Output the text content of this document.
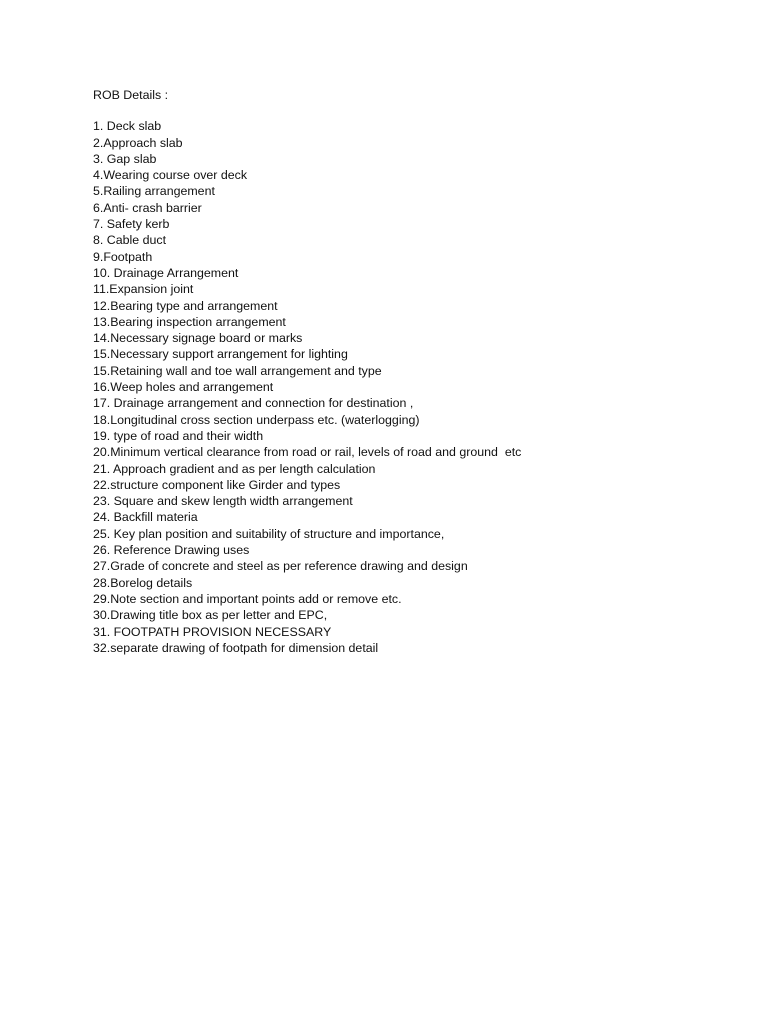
ROB Details :
1. Deck slab
2.Approach slab
3. Gap slab
4.Wearing course over deck
5.Railing arrangement
6.Anti- crash barrier
7. Safety kerb
8. Cable duct
9.Footpath
10. Drainage Arrangement
11.Expansion joint
12.Bearing type and arrangement
13.Bearing inspection arrangement
14.Necessary signage board or marks
15.Necessary support arrangement for lighting
15.Retaining wall and toe wall arrangement and type
16.Weep holes and arrangement
17. Drainage arrangement and connection for destination ,
18.Longitudinal cross section underpass etc. (waterlogging)
19. type of road and their width
20.Minimum vertical clearance from road or rail, levels of road and ground  etc
21. Approach gradient and as per length calculation
22.structure component like Girder and types
23. Square and skew length width arrangement
24. Backfill materia
25. Key plan position and suitability of structure and importance,
26. Reference Drawing uses
27.Grade of concrete and steel as per reference drawing and design
28.Borelog details
29.Note section and important points add or remove etc.
30.Drawing title box as per letter and EPC,
31. FOOTPATH PROVISION NECESSARY
32.separate drawing of footpath for dimension detail
